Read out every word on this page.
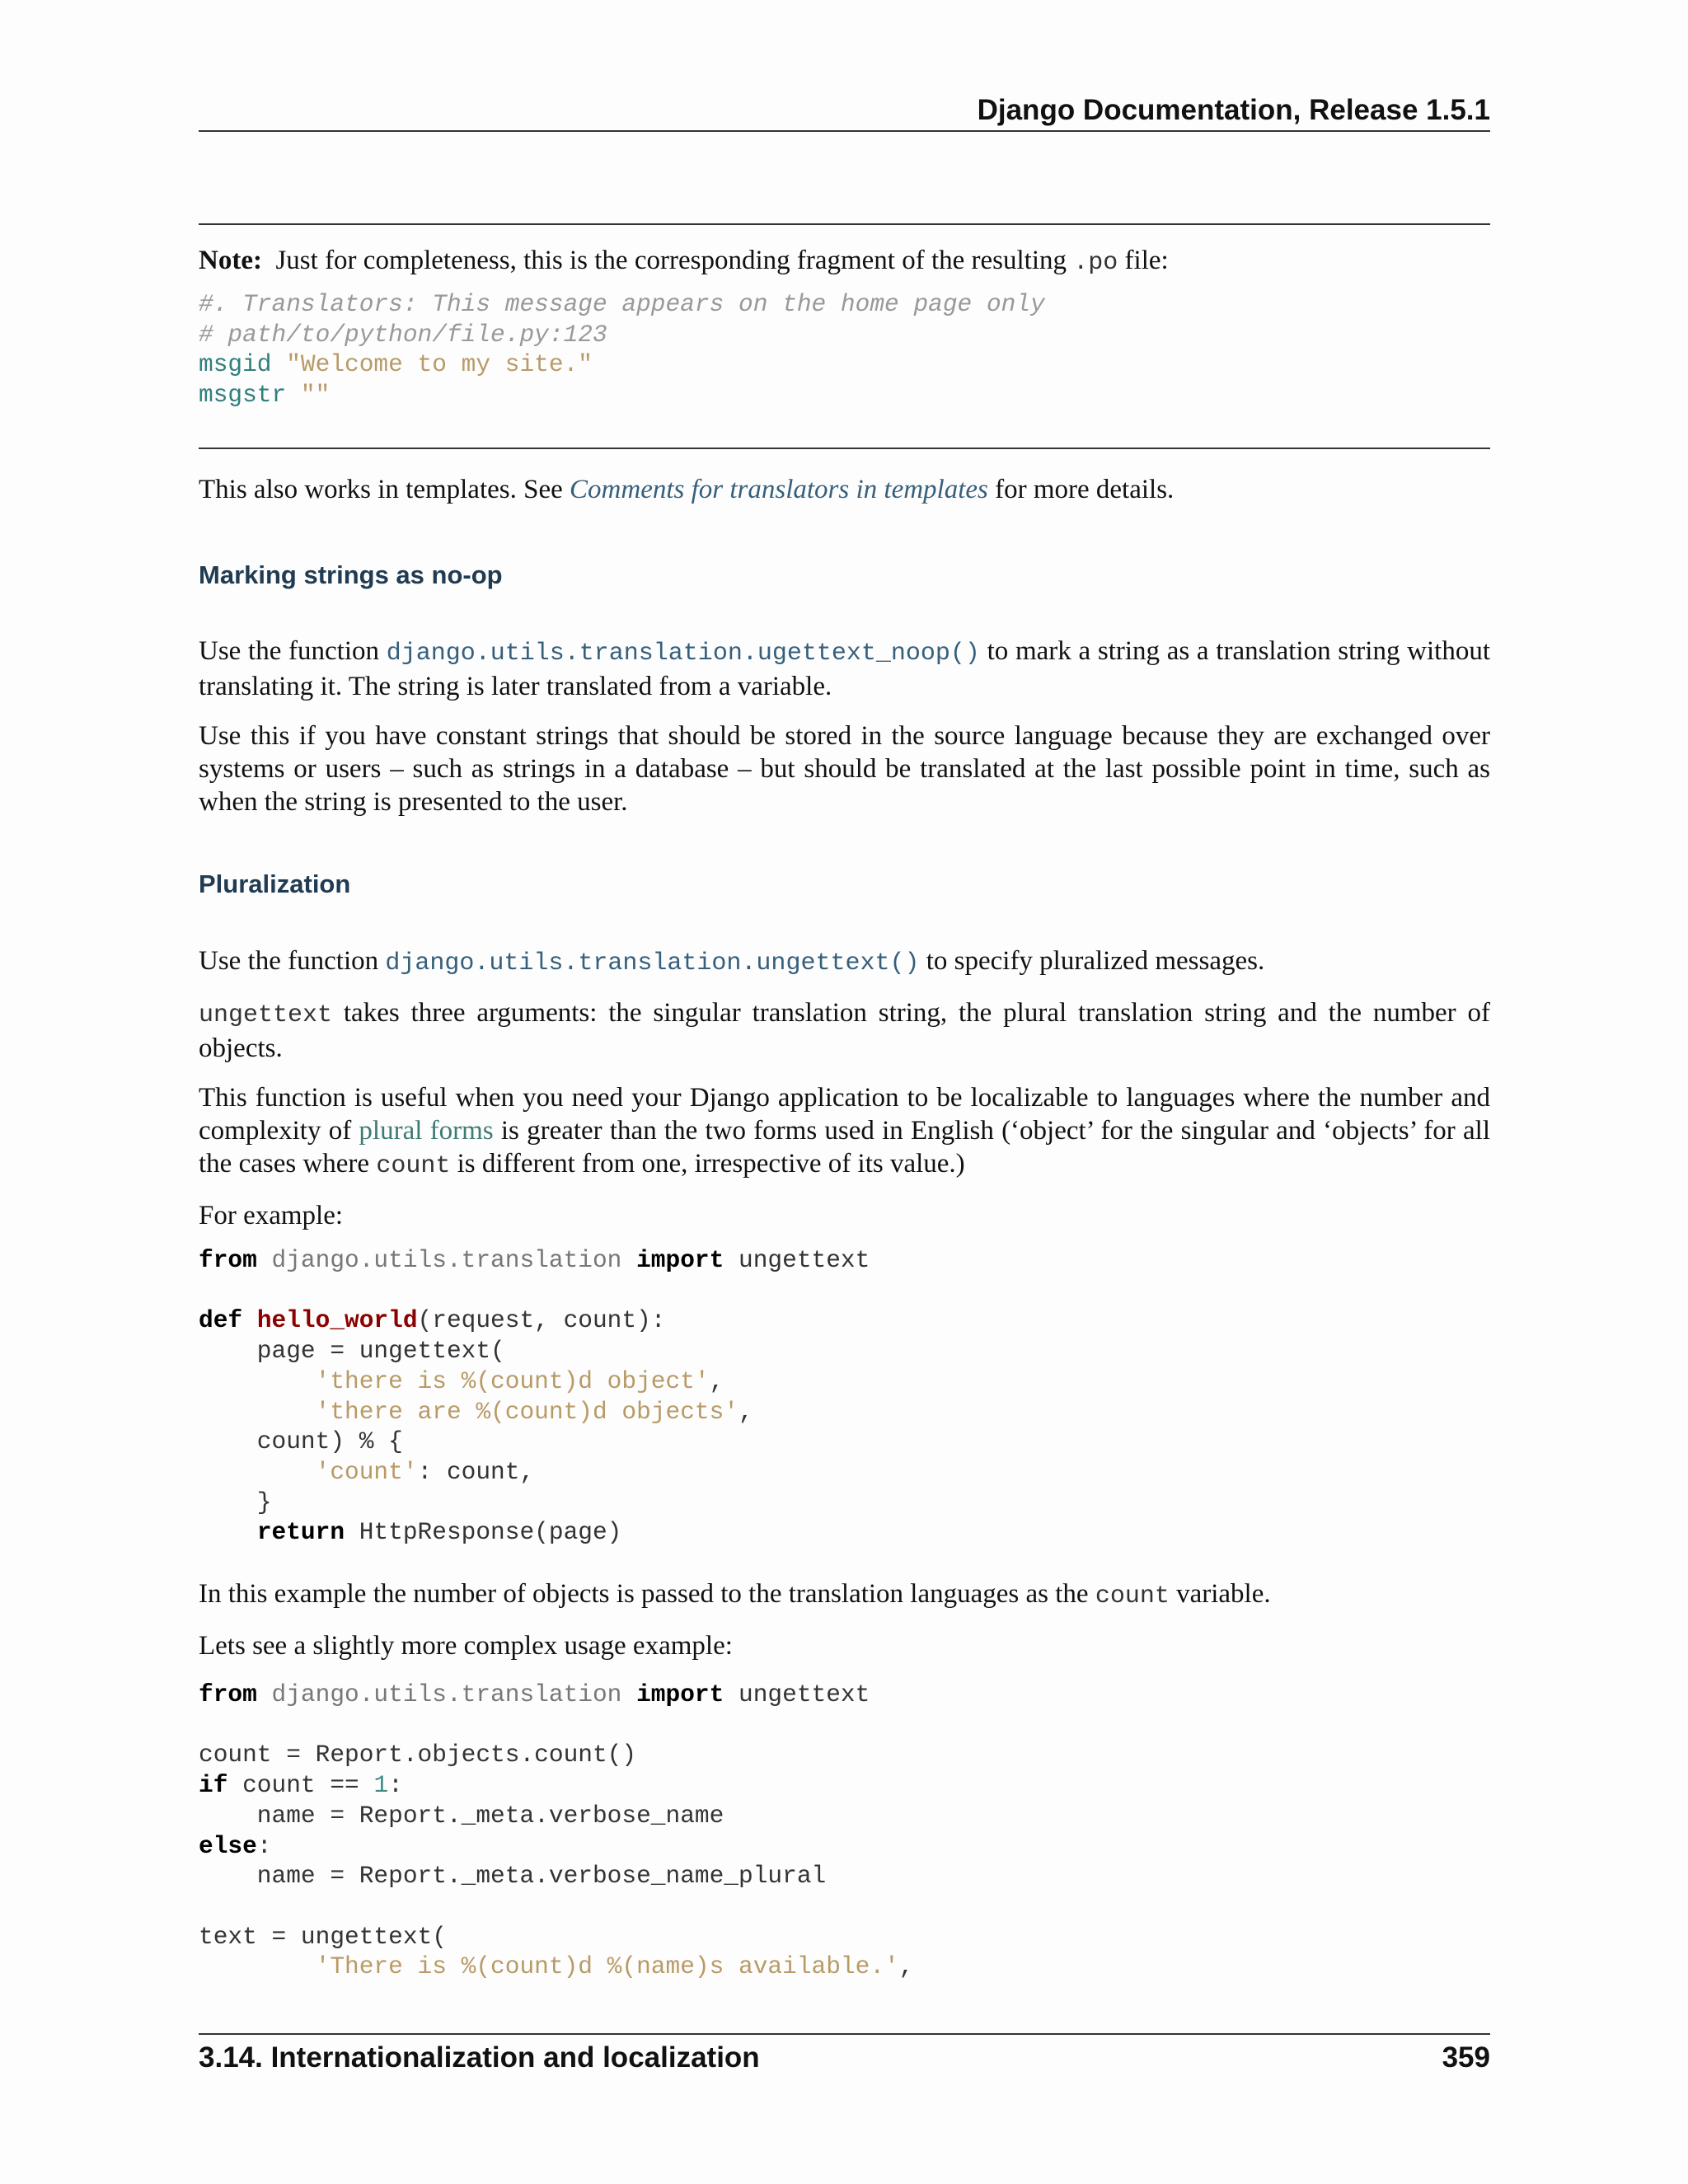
Django Documentation, Release 1.5.1

Note: Just for completeness, this is the corresponding fragment of the resulting .po file:

#. Translators: This message appears on the home page only
# path/to/python/file.py:123
msgid "Welcome to my site."
msgstr ""

This also works in templates. See Comments for translators in templates for more details.

Marking strings as no-op

Use the function django.utils.translation.ugettext_noop() to mark a string as a translation string without translating it. The string is later translated from a variable.

Use this if you have constant strings that should be stored in the source language because they are exchanged over systems or users – such as strings in a database – but should be translated at the last possible point in time, such as when the string is presented to the user.

Pluralization

Use the function django.utils.translation.ungettext() to specify pluralized messages.

ungettext takes three arguments: the singular translation string, the plural translation string and the number of objects.

This function is useful when you need your Django application to be localizable to languages where the number and complexity of plural forms is greater than the two forms used in English (‘object’ for the singular and ‘objects’ for all the cases where count is different from one, irrespective of its value.)

For example:

from django.utils.translation import ungettext

def hello_world(request, count):
page = ungettext(
'there is %(count)d object',
'there are %(count)d objects',
count) % {
'count': count,
}
return HttpResponse(page)

In this example the number of objects is passed to the translation languages as the count variable.

Lets see a slightly more complex usage example:

from django.utils.translation import ungettext

count = Report.objects.count()
if count == 1:
name = Report._meta.verbose_name
else:
name = Report._meta.verbose_name_plural

text = ungettext(
'There is %(count)d %(name)s available.',
3.14. Internationalization and localization	359
